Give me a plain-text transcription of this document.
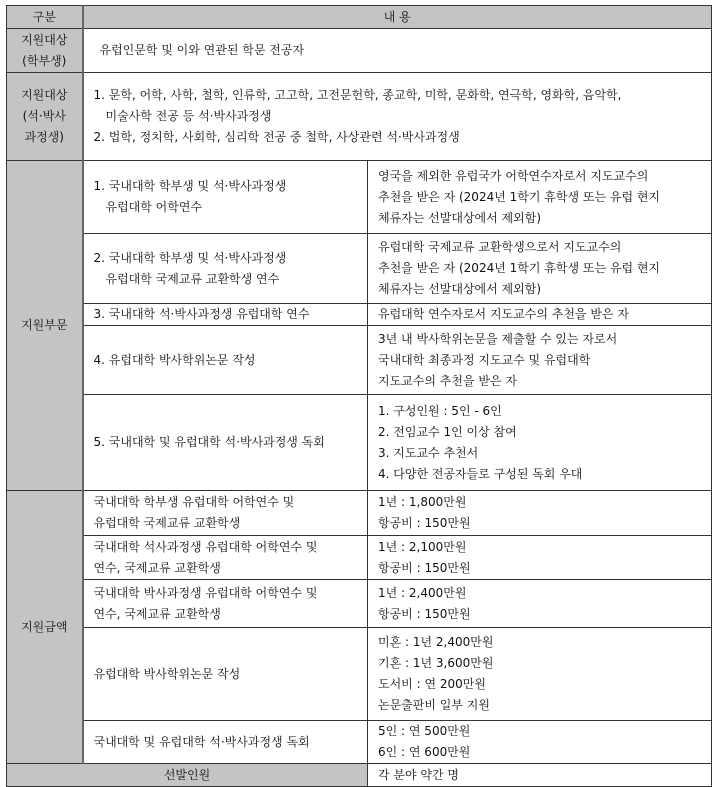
구분	내 용	

지원대상
(학부생)	유럽인문학 및 이와 연관된 학문 전공자	

지원대상
(석·박사
과정생)	1. 문학, 어학, 사학, 철학, 인류학, 고고학, 고전문헌학, 종교학, 미학, 문화학, 연극학, 영화학, 음악학,
미술사학 전공 등 석·박사과정생
2. 법학, 정치학, 사회학, 심리학 전공 중 철학, 사상관련 석·박사과정생	

지원부문	1. 국내대학 학부생 및 석·박사과정생
유럽대학 어학연수	영국을 제외한 유럽국가 어학연수자로서 지도교수의
추천을 받은 자 (2024년 1학기 휴학생 또는 유럽 현지
체류자는 선발대상에서 제외함)

	2. 국내대학 학부생 및 석·박사과정생
유럽대학 국제교류 교환학생 연수	유럽대학 국제교류 교환학생으로서 지도교수의
추천을 받은 자 (2024년 1학기 휴학생 또는 유럽 현지
체류자는 선발대상에서 제외함)

	3. 국내대학 석·박사과정생 유럽대학 연수	유럽대학 연수자로서 지도교수의 추천을 받은 자

	4. 유럽대학 박사학위논문 작성	3년 내 박사학위논문을 제출할 수 있는 자로서
국내대학 최종과정 지도교수 및 유럽대학
지도교수의 추천을 받은 자

	5. 국내대학 및 유럽대학 석·박사과정생 독회	1. 구성인원 : 5인 - 6인
2. 전임교수 1인 이상 참여
3. 지도교수 추천서
4. 다양한 전공자들로 구성된 독회 우대

지원금액	국내대학 학부생 유럽대학 어학연수 및
유럽대학 국제교류 교환학생	1년 : 1,800만원
항공비 : 150만원

	국내대학 석사과정생 유럽대학 어학연수 및
연수, 국제교류 교환학생	1년 : 2,100만원
항공비 : 150만원

	국내대학 박사과정생 유럽대학 어학연수 및
연수, 국제교류 교환학생	1년 : 2,400만원
항공비 : 150만원

	유럽대학 박사학위논문 작성	미혼 : 1년 2,400만원
기혼 : 1년 3,600만원
도서비 : 연 200만원
논문출판비 일부 지원

	국내대학 및 유럽대학 석·박사과정생 독회	5인 : 연 500만원
6인 : 연 600만원

선발인원		각 분야 약간 명
